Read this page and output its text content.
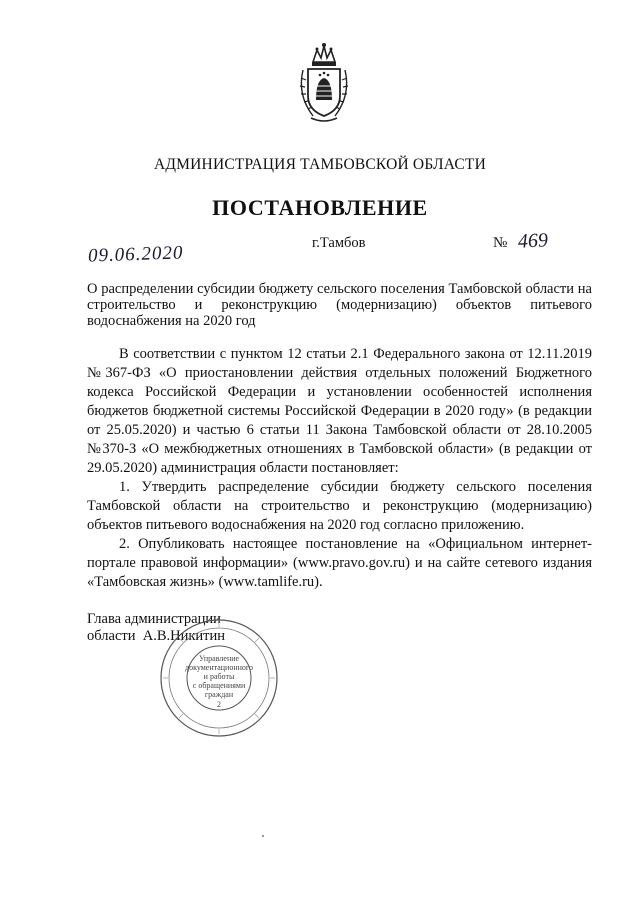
АДМИНИСТРАЦИЯ ТАМБОВСКОЙ ОБЛАСТИ
ПОСТАНОВЛЕНИЕ
09.06.2020	г.Тамбов	№ 469
О распределении субсидии бюджету сельского поселения Тамбовской области на строительство и реконструкцию (модернизацию) объектов питьевого водоснабжения на 2020 год

В соответствии с пунктом 12 статьи 2.1 Федерального закона от 12.11.2019 №367-ФЗ «О приостановлении действия отдельных положений Бюджетного кодекса Российской Федерации и установлении особенностей исполнения бюджетов бюджетной системы Российской Федерации в 2020 году» (в редакции от 25.05.2020) и частью 6 статьи 11 Закона Тамбовской области от 28.10.2005 №370-З «О межбюджетных отношениях в Тамбовской области» (в редакции от 29.05.2020) администрация области постановляет:

1. Утвердить распределение субсидии бюджету сельского поселения Тамбовской области на строительство и реконструкцию (модернизацию) объектов питьевого водоснабжения на 2020 год согласно приложению.

2. Опубликовать настоящее постановление на «Официальном интернет-портале правовой информации» (www.pravo.gov.ru) и на сайте сетевого издания «Тамбовская жизнь» (www.tamlife.ru).

Глава администрации
области  А.В.Никитин
Управление
документационного
и работы
с обращениями
граждан
2
